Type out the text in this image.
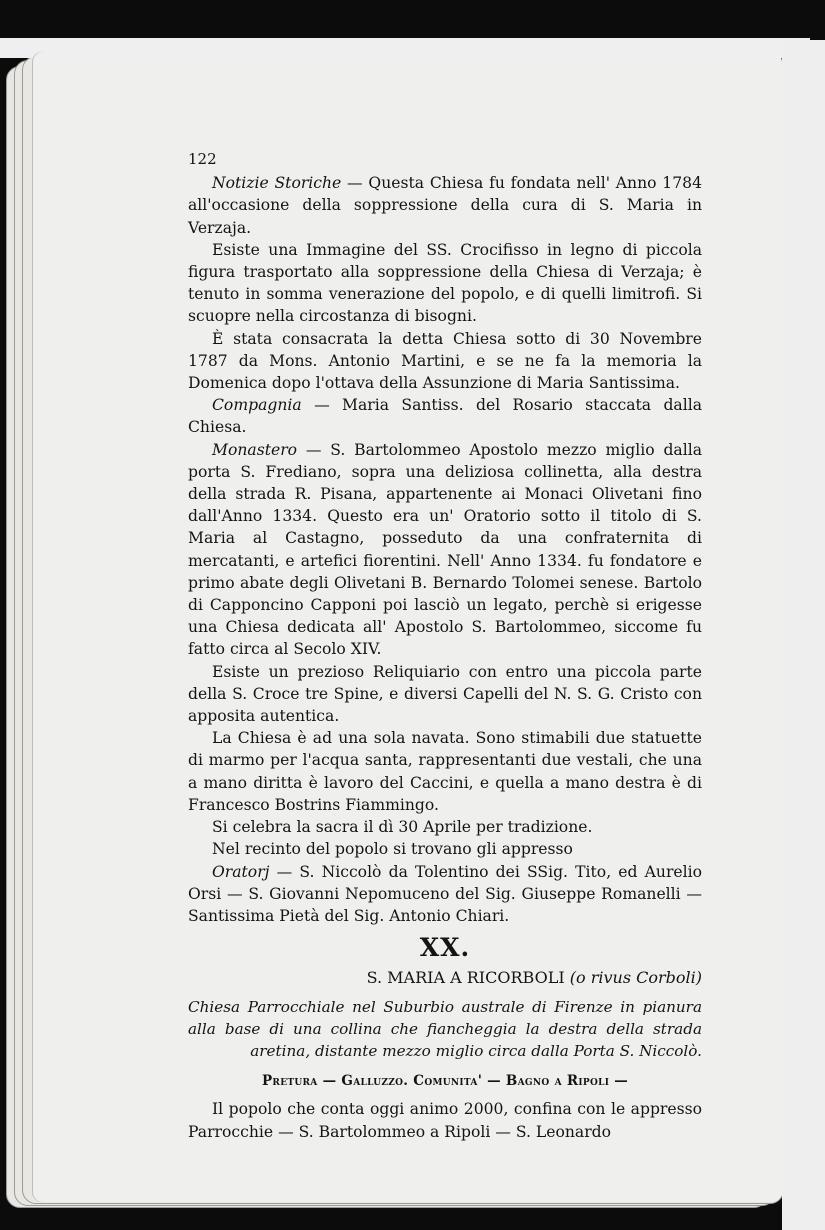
122

Notizie Storiche — Questa Chiesa fu fondata nell' Anno 1784 all'occasione della soppressione della cura di S. Maria in Verzaja.

Esiste una Immagine del SS. Crocifisso in legno di piccola figura trasportato alla soppressione della Chiesa di Verzaja; è tenuto in somma venerazione del popolo, e di quelli limitrofi. Si scuopre nella circostanza di bisogni.

È stata consacrata la detta Chiesa sotto di 30 Novembre 1787 da Mons. Antonio Martini, e se ne fa la memoria la Domenica dopo l'ottava della Assunzione di Maria Santissima.

Compagnia — Maria Santiss. del Rosario staccata dalla Chiesa.

Monastero — S. Bartolommeo Apostolo mezzo miglio dalla porta S. Frediano, sopra una deliziosa collinetta, alla destra della strada R. Pisana, appartenente ai Monaci Olivetani fino dall'Anno 1334. Questo era un' Oratorio sotto il titolo di S. Maria al Castagno, posseduto da una confraternita di mercatanti, e artefici fiorentini. Nell' Anno 1334. fu fondatore e primo abate degli Olivetani B. Bernardo Tolomei senese. Bartolo di Capponcino Capponi poi lasciò un legato, perchè si erigesse una Chiesa dedicata all' Apostolo S. Bartolommeo, siccome fu fatto circa al Secolo XIV.

Esiste un prezioso Reliquiario con entro una piccola parte della S. Croce tre Spine, e diversi Capelli del N. S. G. Cristo con apposita autentica.

La Chiesa è ad una sola navata. Sono stimabili due statuette di marmo per l'acqua santa, rappresentanti due vestali, che una a mano diritta è lavoro del Caccini, e quella a mano destra è di Francesco Bostrins Fiammingo.

Si celebra la sacra il dì 30 Aprile per tradizione.

Nel recinto del popolo si trovano gli appresso

Oratorj — S. Niccolò da Tolentino dei SSig. Tito, ed Aurelio Orsi — S. Giovanni Nepomuceno del Sig. Giuseppe Romanelli — Santissima Pietà del Sig. Antonio Chiari.

XX.
S. MARIA A RICORBOLI (o rivus Corboli)

Chiesa Parrocchiale nel Suburbio australe di Firenze in pianura alla base di una collina che fiancheggia la destra della strada aretina, distante mezzo miglio circa dalla Porta S. Niccolò.

Pretura — Galluzzo. Comunita' — Bagno a Ripoli —

Il popolo che conta oggi animo 2000, confina con le appresso Parrocchie — S. Bartolommeo a Ripoli — S. Leonardo
